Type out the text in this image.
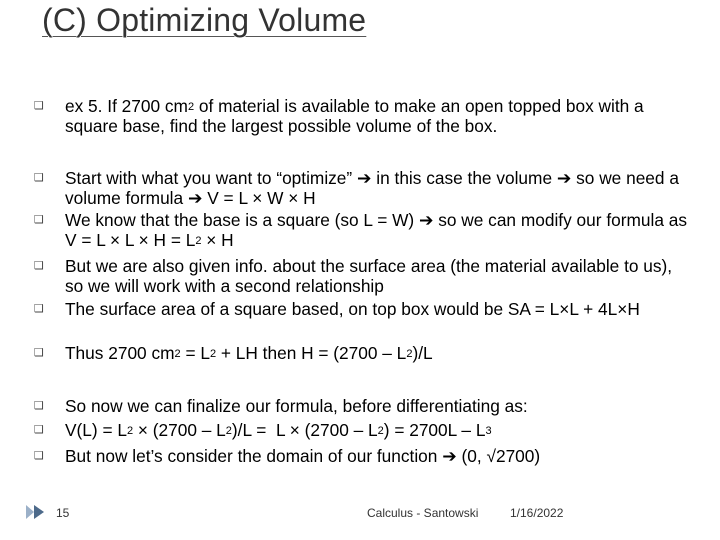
(C) Optimizing Volume
❑ ex 5. If 2700 $cm^2$ of material is available to make an open topped box with a square base, find the largest possible volume of the box.
❑ Start with what you want to “optimize” ➔ in this case the volume ➔ so we need a volume formula ➔ V = L × W × H
❑ We know that the base is a square (so L = W) ➔ so we can modify our formula as $V = L \times L \times H = L^2 \times H$
❑ But we are also given info. about the surface area (the material available to us), so we will work with a second relationship
❑ The surface area of a square based, on top box would be SA = L×L + 4L×H
❑ Thus 2700 $cm^2 = L^2$ + LH then $H = (2700 - L^2)/L$
❑ So now we can finalize our formula, before differentiating as:
❑ $V(L) = L^2 \times (2700 - L^2)/L = L \times (2700 - L^2) = 2700L - L^3$
❑ But now let’s consider the domain of our function ➔ (0, √2700)
15	Calculus - Santowski	1/16/2022
